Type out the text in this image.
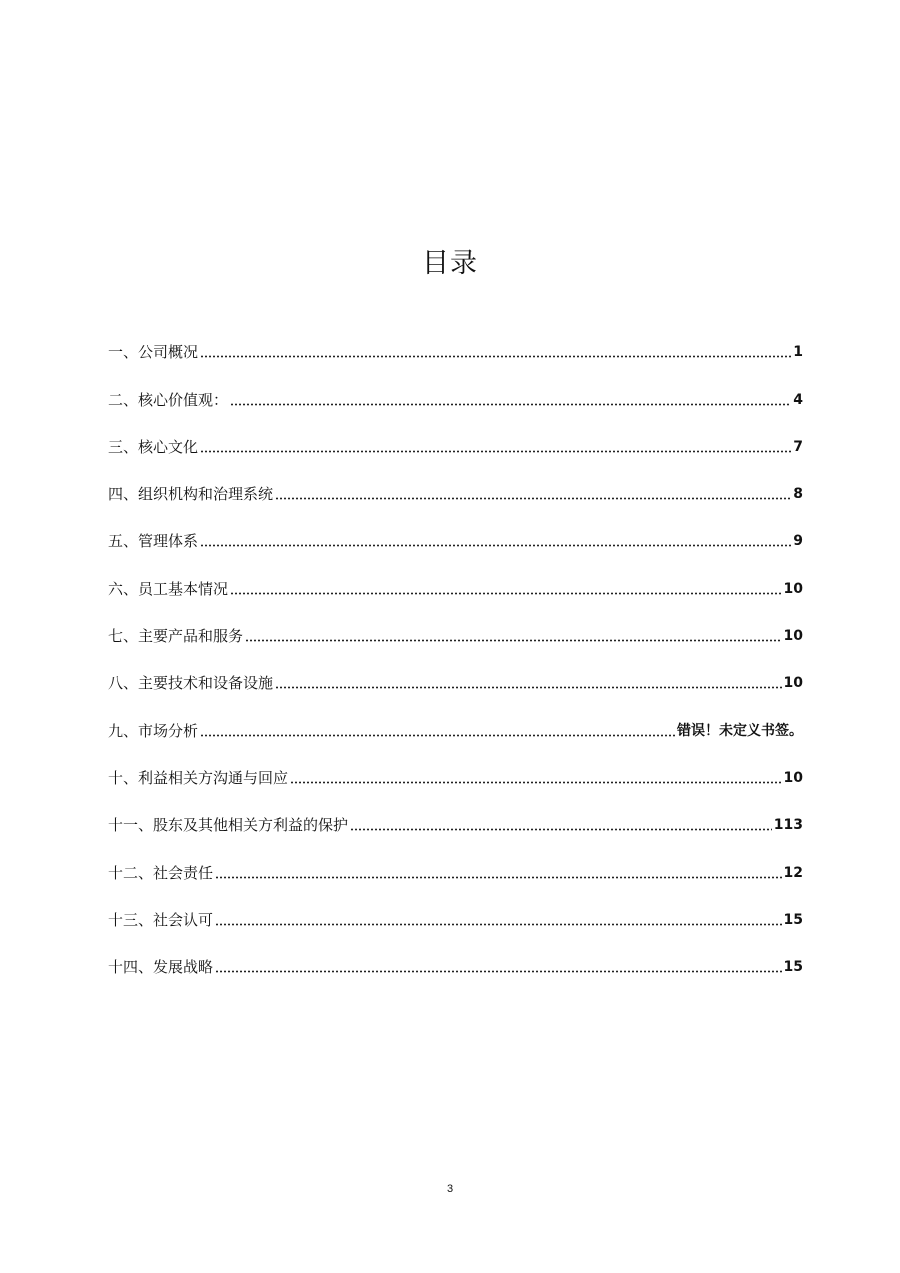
目录
一、公司概况	1
二、核心价值观：	4
三、核心文化	7
四、组织机构和治理系统	8
五、管理体系	9
六、员工基本情况	10
七、主要产品和服务	10
八、主要技术和设备设施	10
九、市场分析	错误！未定义书签。
十、利益相关方沟通与回应	10
十一、股东及其他相关方利益的保护	113
十二、社会责任	12
十三、社会认可	15
十四、发展战略	15
3
